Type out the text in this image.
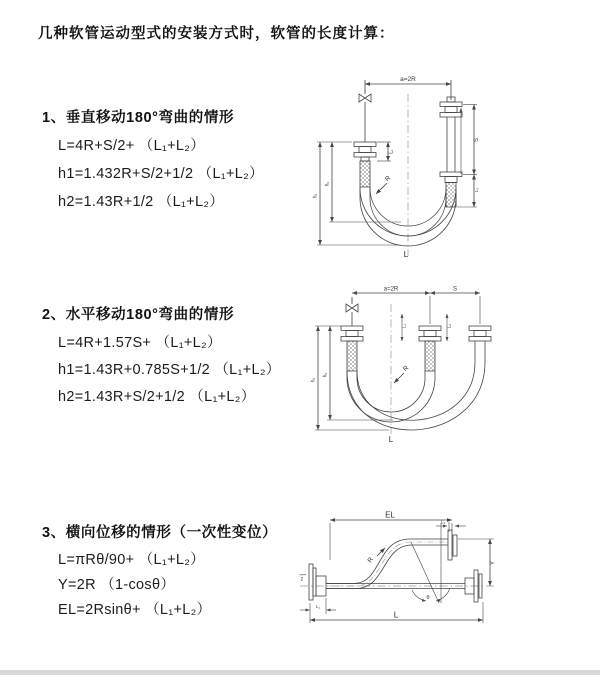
几种软管运动型式的安装方式时，软管的长度计算：
1、垂直移动180°弯曲的情形
L=4R+S/2+ （L₁+L₂）
h1=1.432R+S/2+1/2 （L₁+L₂）
h2=1.43R+1/2 （L₁+L₂）
2、水平移动180°弯曲的情形
L=4R+1.57S+ （L₁+L₂）
h1=1.43R+0.785S+1/2 （L₁+L₂）
h2=1.43R+S/2+1/2 （L₁+L₂）
3、横向位移的情形（一次性变位）
L=πRθ/90+ （L₁+L₂）
Y=2R （1-cosθ）
EL=2Rsinθ+ （L₁+L₂）
a=2R
L₁
S
L₂
h₂
h₁
R
L
a=2R	S
L₁	L₂
h₁
h₂
R
L
EL
L₂
Y
R
θ
L
L₁
z
